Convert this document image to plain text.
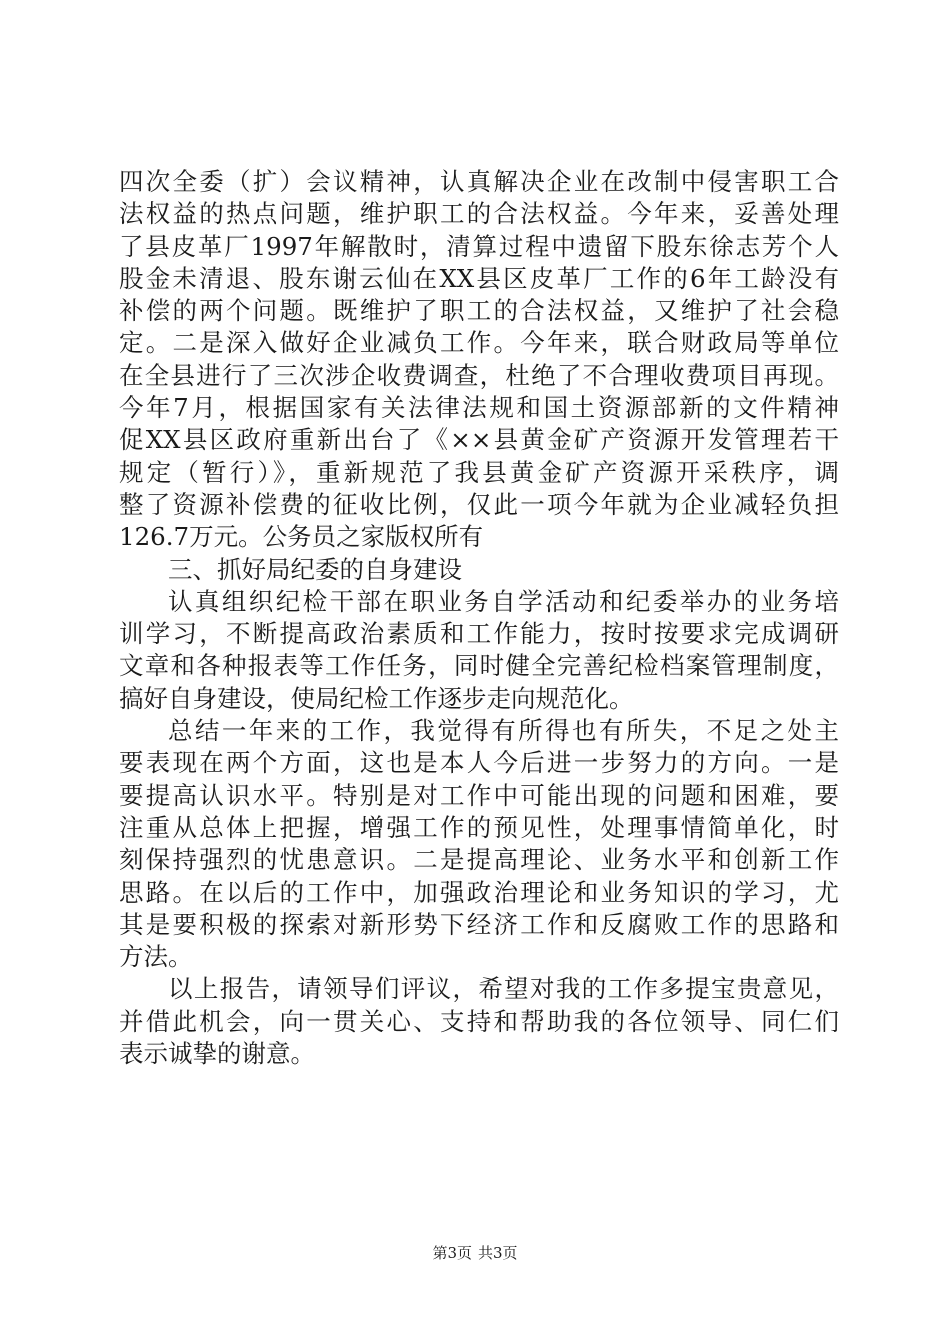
四次全委（扩）会议精神，认真解决企业在改制中侵害职工合
法权益的热点问题，维护职工的合法权益。今年来，妥善处理
了县皮革厂1997年解散时，清算过程中遗留下股东徐志芳个人
股金未清退、股东谢云仙在XX县区皮革厂工作的6年工龄没有
补偿的两个问题。既维护了职工的合法权益，又维护了社会稳
定。二是深入做好企业减负工作。今年来，联合财政局等单位
在全县进行了三次涉企收费调查，杜绝了不合理收费项目再现。
今年7月，根据国家有关法律法规和国土资源部新的文件精神
促XX县区政府重新出台了《××县黄金矿产资源开发管理若干
规定（暂行）》，重新规范了我县黄金矿产资源开采秩序，调
整了资源补偿费的征收比例，仅此一项今年就为企业减轻负担
126.7万元。公务员之家版权所有
三、抓好局纪委的自身建设
认真组织纪检干部在职业务自学活动和纪委举办的业务培
训学习，不断提高政治素质和工作能力，按时按要求完成调研
文章和各种报表等工作任务，同时健全完善纪检档案管理制度，
搞好自身建设，使局纪检工作逐步走向规范化。
总结一年来的工作，我觉得有所得也有所失，不足之处主
要表现在两个方面，这也是本人今后进一步努力的方向。一是
要提高认识水平。特别是对工作中可能出现的问题和困难，要
注重从总体上把握，增强工作的预见性，处理事情简单化，时
刻保持强烈的忧患意识。二是提高理论、业务水平和创新工作
思路。在以后的工作中，加强政治理论和业务知识的学习，尤
其是要积极的探索对新形势下经济工作和反腐败工作的思路和
方法。
以上报告，请领导们评议，希望对我的工作多提宝贵意见，
并借此机会，向一贯关心、支持和帮助我的各位领导、同仁们
表示诚挚的谢意。
第3页 共3页
